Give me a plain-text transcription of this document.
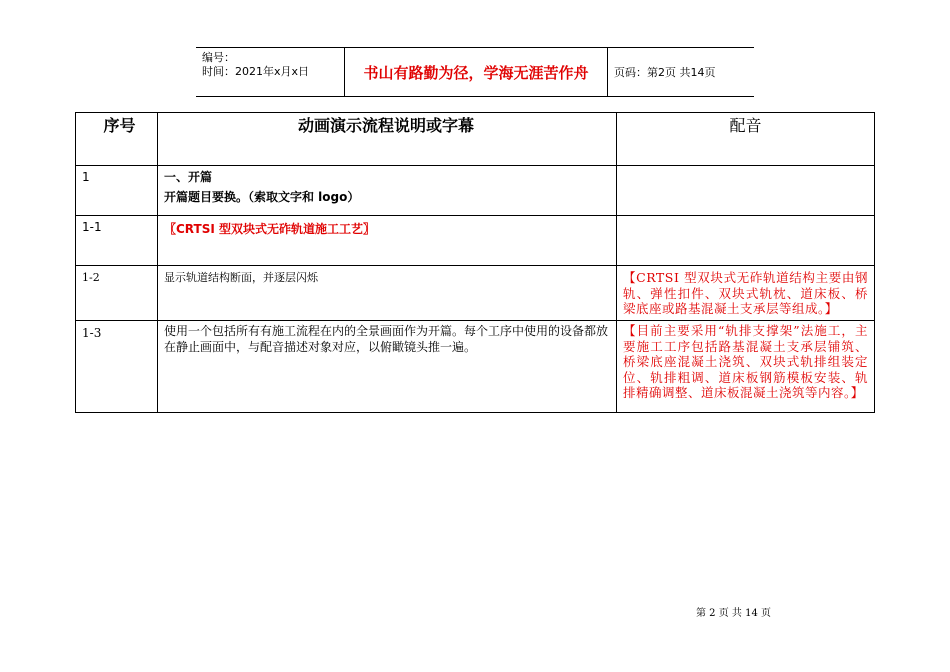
编号：
时间：2021年x月x日	书山有路勤为径，学海无涯苦作舟	页码：第2页 共14页
序号	动画演示流程说明或字幕	配音

1	一、开篇
开篇题目要换。（索取文字和 logo）	

1-1	〖CRTSⅠ 型双块式无砟轨道施工工艺〗	

1-2	显示轨道结构断面，并逐层闪烁	【CRTSⅠ 型双块式无砟轨道结构主要由钢轨、弹性扣件、双块式轨枕、道床板、桥梁底座或路基混凝土支承层等组成。】

1-3	使用一个包括所有有施工流程在内的全景画面作为开篇。每个工序中使用的设备都放在静止画面中，与配音描述对象对应，以俯瞰镜头推一遍。	【目前主要采用“轨排支撑架”法施工，主要施工工序包括路基混凝土支承层铺筑、桥梁底座混凝土浇筑、双块式轨排组装定位、轨排粗调、道床板钢筋模板安装、轨排精确调整、道床板混凝土浇筑等内容。】
第 2 页 共 14 页
